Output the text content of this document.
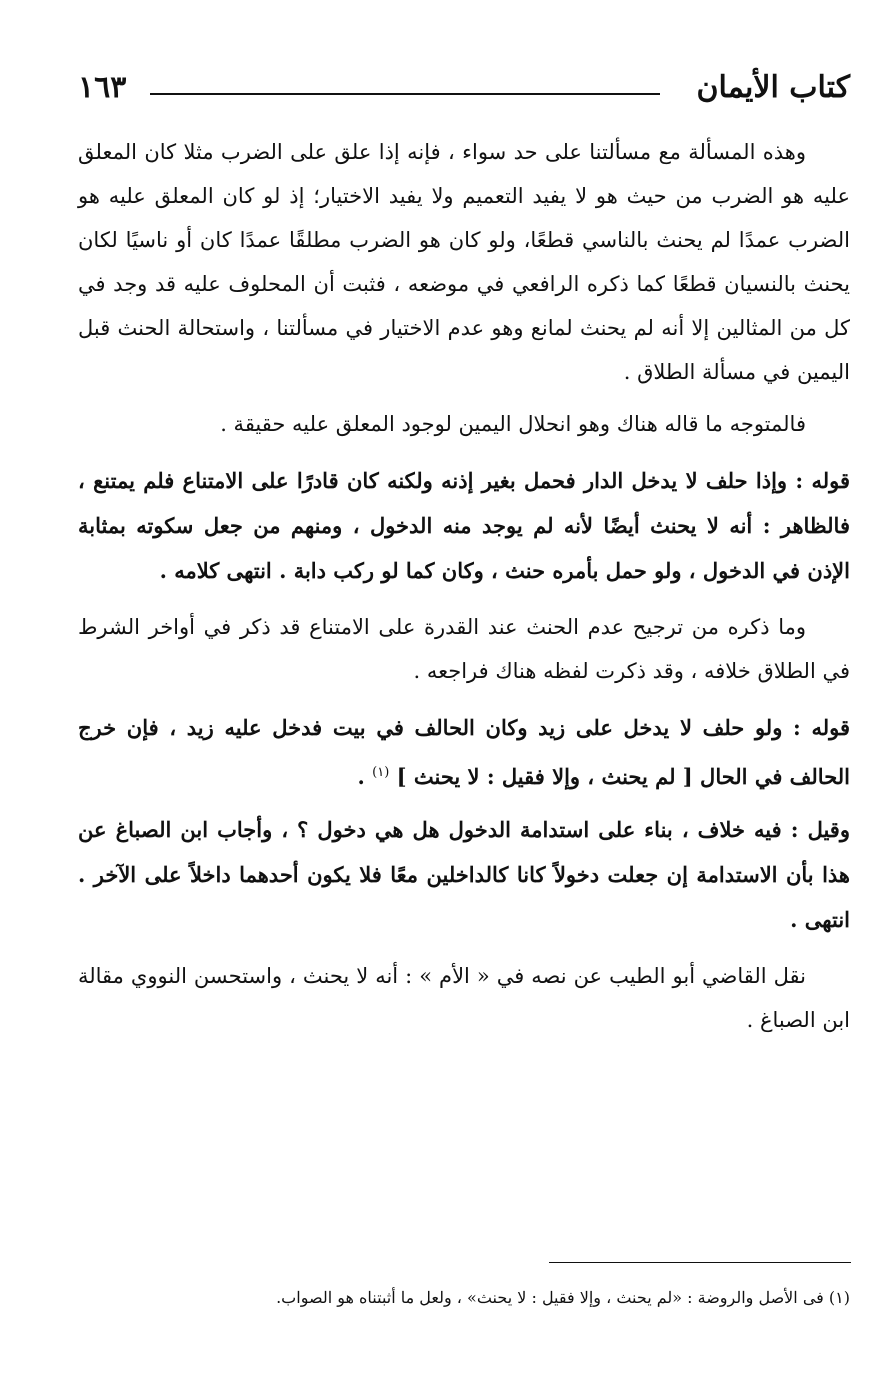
كتاب الأيمان
١٦٣

وهذه المسألة مع مسألتنا على حد سواء ، فإنه إذا علق على الضرب مثلا كان المعلق عليه هو الضرب من حيث هو لا يفيد التعميم ولا يفيد الاختيار؛ إذ لو كان المعلق عليه هو الضرب عمدًا لم يحنث بالناسي قطعًا، ولو كان هو الضرب مطلقًا عمدًا كان أو ناسيًا لكان يحنث بالنسيان قطعًا كما ذكره الرافعي في موضعه ، فثبت أن المحلوف عليه قد وجد في كل من المثالين إلا أنه لم يحنث لمانع وهو عدم الاختيار في مسألتنا ، واستحالة الحنث قبل اليمين في مسألة الطلاق .

فالمتوجه ما قاله هناك وهو انحلال اليمين لوجود المعلق عليه حقيقة .

قوله : وإذا حلف لا يدخل الدار فحمل بغير إذنه ولكنه كان قادرًا على الامتناع فلم يمتنع ، فالظاهر : أنه لا يحنث أيضًا لأنه لم يوجد منه الدخول ، ومنهم من جعل سكوته بمثابة الإذن في الدخول ، ولو حمل بأمره حنث ، وكان كما لو ركب دابة . انتهى كلامه .

وما ذكره من ترجيح عدم الحنث عند القدرة على الامتناع قد ذكر في أواخر الشرط في الطلاق خلافه ، وقد ذكرت لفظه هناك فراجعه .

قوله : ولو حلف لا يدخل على زيد وكان الحالف في بيت فدخل عليه زيد ، فإن خرج الحالف في الحال [ لم يحنث ، وإلا فقيل : لا يحنث ] $^{(١)}$ .

وقيل : فيه خلاف ، بناء على استدامة الدخول هل هي دخول ؟ ، وأجاب ابن الصباغ عن هذا بأن الاستدامة إن جعلت دخولاً كانا كالداخلين معًا فلا يكون أحدهما داخلاً على الآخر . انتهى .

نقل القاضي أبو الطيب عن نصه في « الأم » : أنه لا يحنث ، واستحسن النووي مقالة ابن الصباغ .

(١) فى الأصل والروضة : «لم يحنث ، وإلا فقيل : لا يحنث» ، ولعل ما أثبتناه هو الصواب.
